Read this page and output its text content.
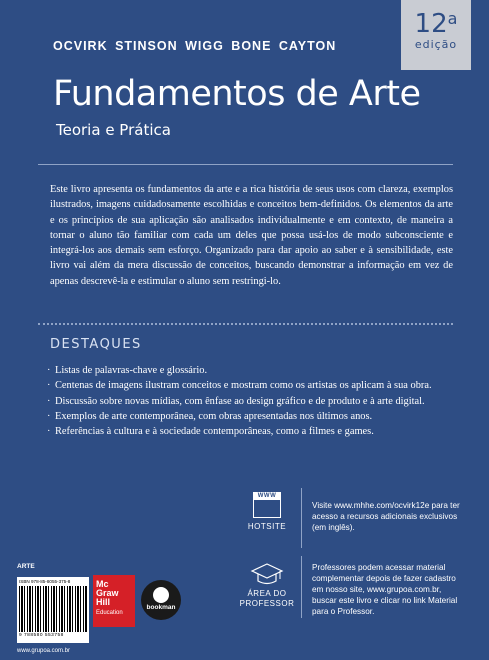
OCVIRK STINSON WIGG BONE CAYTON
12$^a$
edição
Fundamentos de Arte
Teoria e Prática
Este livro apresenta os fundamentos da arte e a rica história de seus usos com clareza, exemplos ilustrados, imagens cuidadosamente escolhidas e conceitos bem-definidos. Os elementos da arte e os princípios de sua aplicação são analisados individualmente e em contexto, de maneira a tornar o aluno tão familiar com cada um deles que possa usá-los de modo subconsciente e integrá-los aos demais sem esforço. Organizado para dar apoio ao saber e à sensibilidade, este livro vai além da mera discussão de conceitos, buscando demonstrar a informação em vez de apenas descrevê-la e estimular o aluno sem restringi-lo.
DESTAQUES
· Listas de palavras-chave e glossário.
· Centenas de imagens ilustram conceitos e mostram como os artistas os aplicam à sua obra.
· Discussão sobre novas mídias, com ênfase ao design gráfico e de produto e à arte digital.
· Exemplos de arte contemporânea, com obras apresentadas nos últimos anos.
· Referências à cultura e à sociedade contemporâneas, como a filmes e games.
WWW
HOTSITE
Visite www.mhhe.com/ocvirk12e para ter acesso a recursos adicionais exclusivos (em inglês).
ÁREA DO PROFESSOR
Professores podem acessar material complementar depois de fazer cadastro em nosso site, www.grupoa.com.br, buscar este livro e clicar no link Material para o Professor.
ARTE
ISBN 978-85-8055-375-8
9 788580 553758
Mc
Graw
Hill
Education
bookman
www.grupoa.com.br
